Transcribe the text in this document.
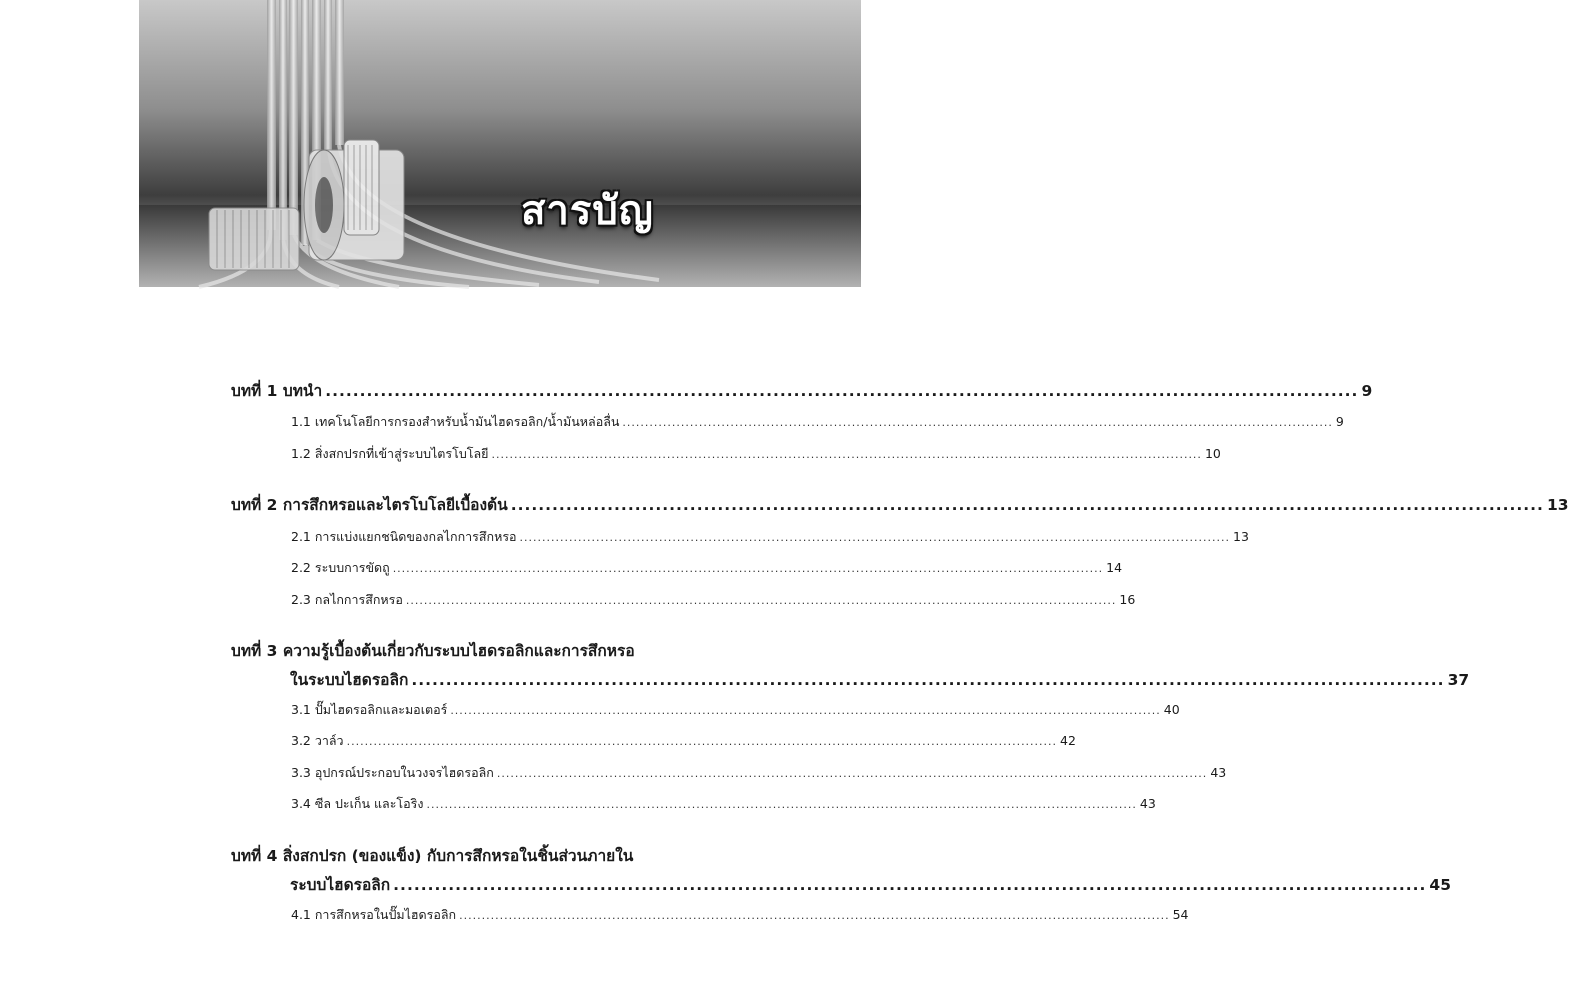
สารบัญ
บทที่ 1 บทนำ ...................................................................................................................................................... 9
1.1 เทคโนโลยีการกรองสำหรับน้ำมันไฮดรอลิก/น้ำมันหล่อลื่น .............................................................................................................................................................. 9
1.2 สิ่งสกปรกที่เข้าสู่ระบบไตรโบโลยี .............................................................................................................................................................. 10
บทที่ 2 การสึกหรอและไตรโบโลยีเบื้องต้น ...................................................................................................................................................... 13
2.1 การแบ่งแยกชนิดของกลไกการสึกหรอ .............................................................................................................................................................. 13
2.2 ระบบการขัดถู .............................................................................................................................................................. 14
2.3 กลไกการสึกหรอ .............................................................................................................................................................. 16
บทที่ 3 ความรู้เบื้องต้นเกี่ยวกับระบบไฮดรอลิกและการสึกหรอ
ในระบบไฮดรอลิก ...................................................................................................................................................... 37
3.1 ปั๊มไฮดรอลิกและมอเตอร์ .............................................................................................................................................................. 40
3.2 วาล์ว .............................................................................................................................................................. 42
3.3 อุปกรณ์ประกอบในวงจรไฮดรอลิก .............................................................................................................................................................. 43
3.4 ซีล ปะเก็น และโอริง .............................................................................................................................................................. 43
บทที่ 4 สิ่งสกปรก (ของแข็ง) กับการสึกหรอในชิ้นส่วนภายใน
ระบบไฮดรอลิก ...................................................................................................................................................... 45
4.1 การสึกหรอในปั๊มไฮดรอลิก .............................................................................................................................................................. 54
